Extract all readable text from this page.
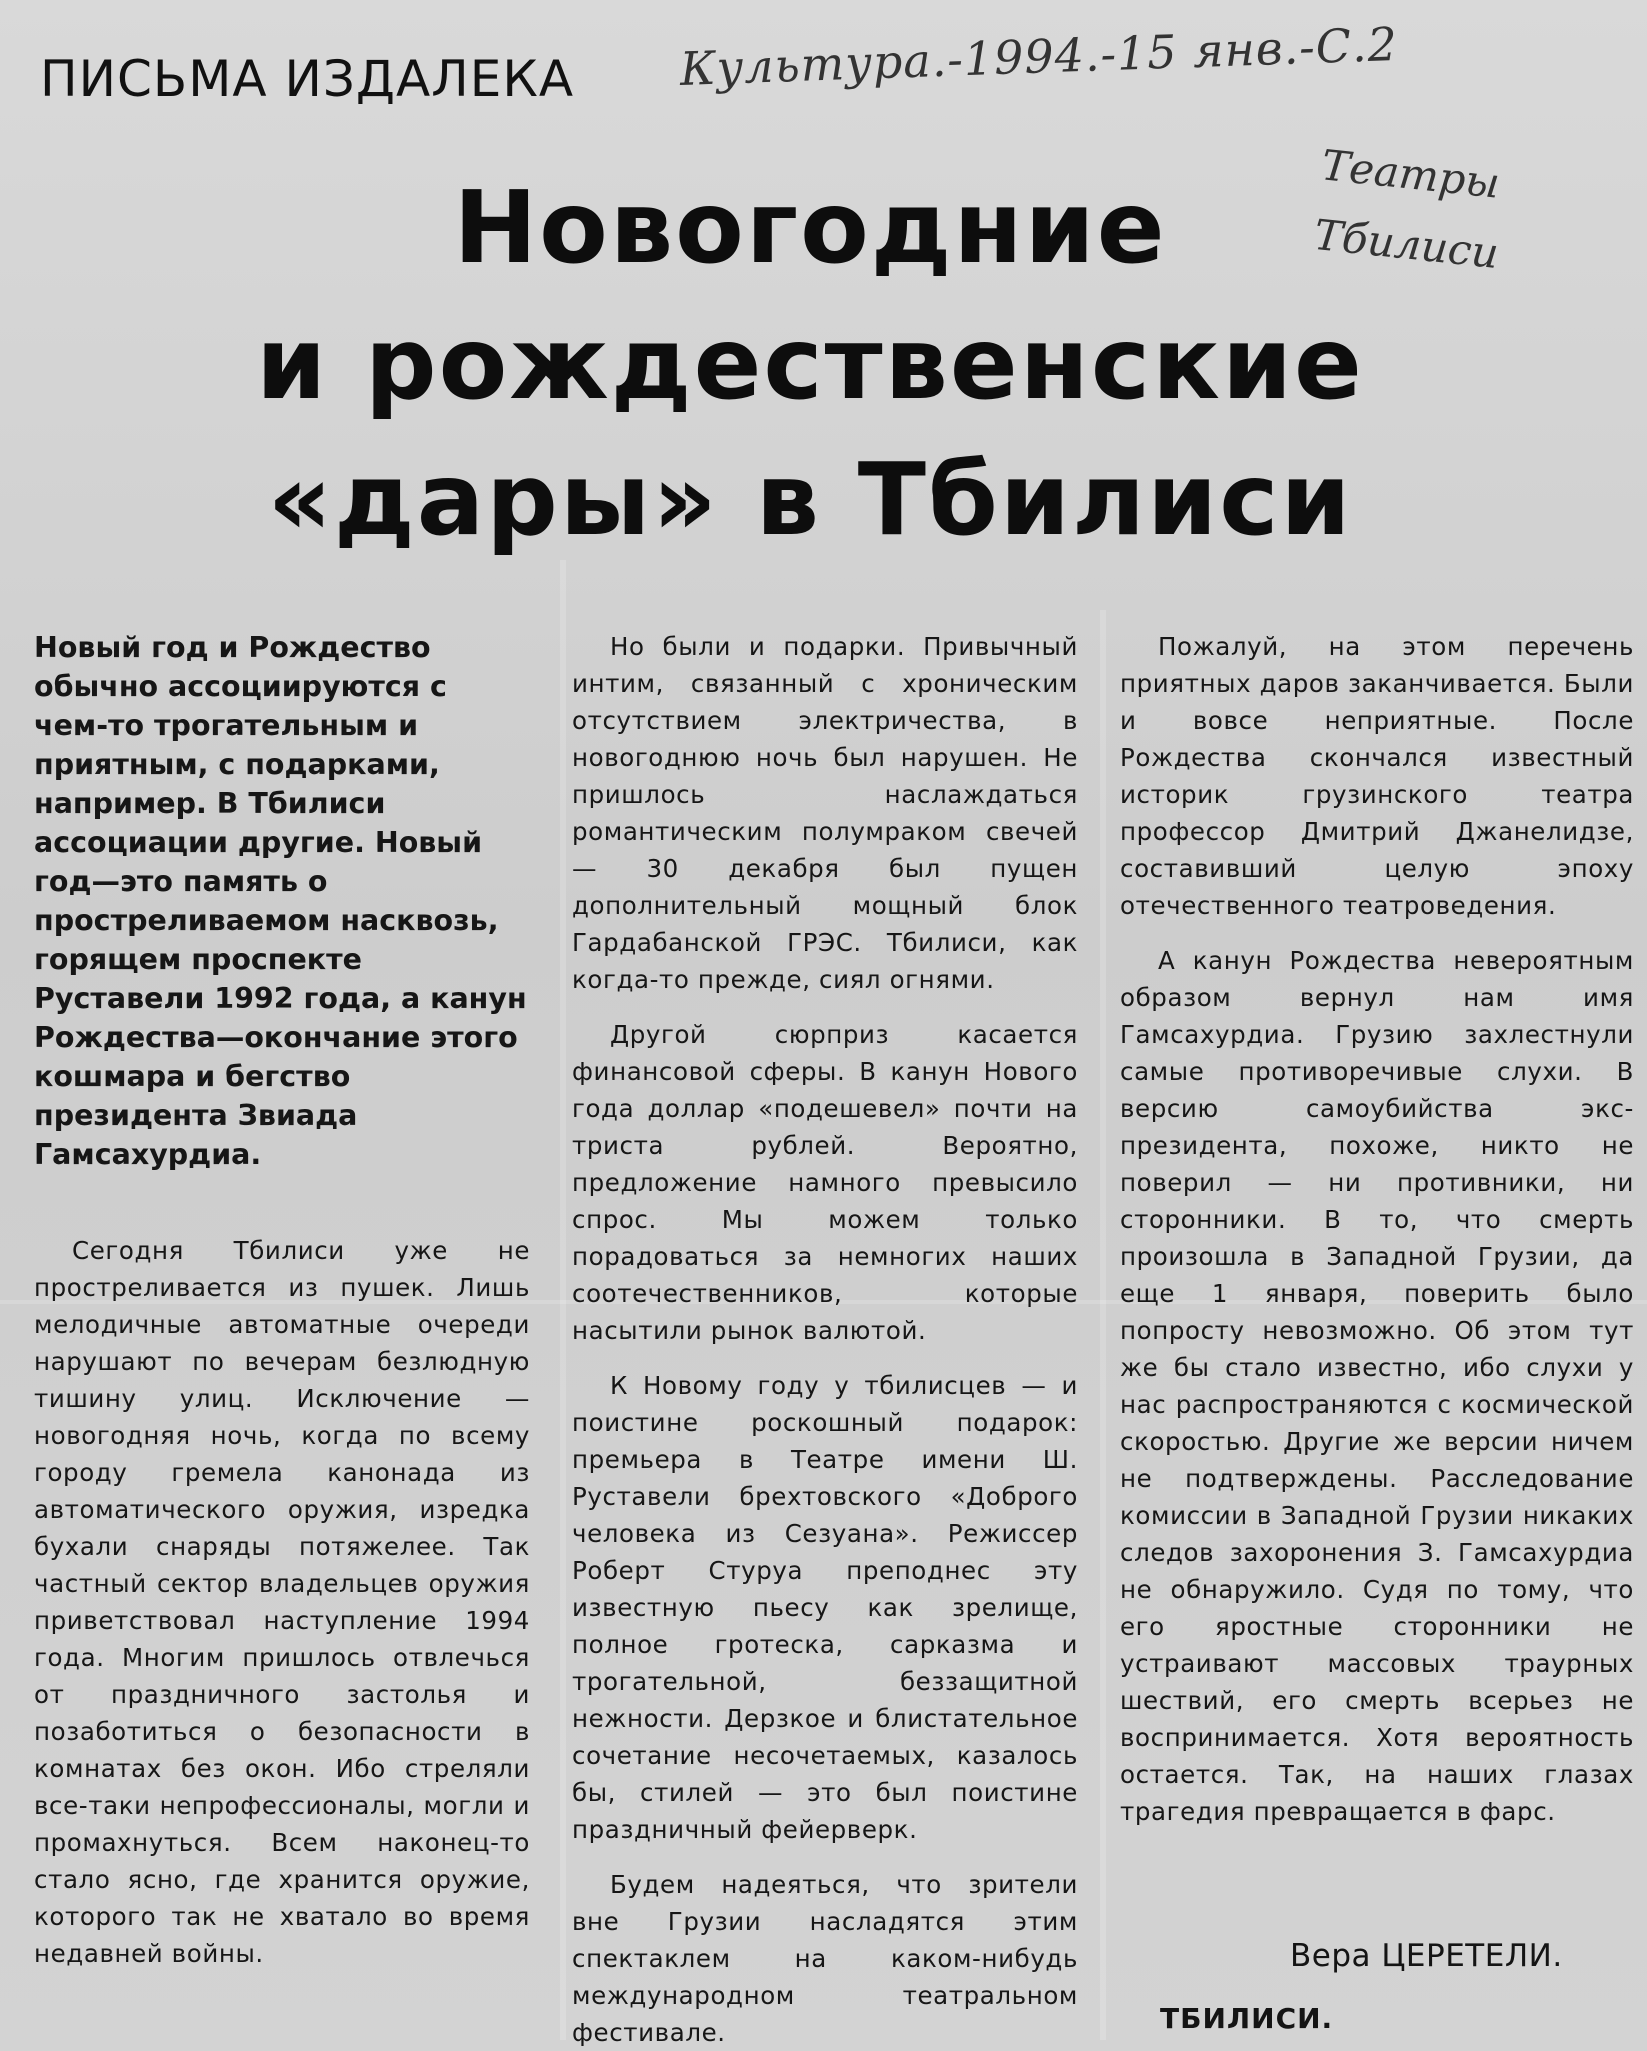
ПИСЬМА ИЗДАЛЕКА Культура.-1994.-15 янв.-С.2
Театры Тбилиси
Новогодние
и рождественские
«дары» в Тбилиси

Новый год и Рождество обычно ассоциируются с чем-то трогательным и приятным, с подарками, например. В Тбилиси ассоциации другие. Новый год—это память о простреливаемом насквозь, горящем проспекте Руставели 1992 года, а канун Рождества—окончание этого кошмара и бегство президента Звиада Гамсахурдиа.

Сегодня Тбилиси уже не простреливается из пушек. Лишь мелодичные автоматные очереди нарушают по вечерам безлюдную тишину улиц. Исключение — новогодняя ночь, когда по всему городу гремела канонада из автоматического оружия, изредка бухали снаряды потяжелее. Так частный сектор владельцев оружия приветствовал наступление 1994 года. Многим пришлось отвлечься от праздничного застолья и позаботиться о безопасности в комнатах без окон. Ибо стреляли все-таки непрофессионалы, могли и промахнуться. Всем наконец-то стало ясно, где хранится оружие, которого так не хватало во время недавней войны.

Но были и подарки. Привычный интим, связанный с хроническим отсутствием электричества, в новогоднюю ночь был нарушен. Не пришлось наслаждаться романтическим полумраком свечей — 30 декабря был пущен дополнительный мощный блок Гардабанской ГРЭС. Тбилиси, как когда-то прежде, сиял огнями.

Другой сюрприз касается финансовой сферы. В канун Нового года доллар «подешевел» почти на триста рублей. Вероятно, предложение намного превысило спрос. Мы можем только порадоваться за немногих наших соотечественников, которые насытили рынок валютой.

К Новому году у тбилисцев — и поистине роскошный подарок: премьера в Театре имени Ш. Руставели брехтовского «Доброго человека из Сезуана». Режиссер Роберт Стуруа преподнес эту известную пьесу как зрелище, полное гротеска, сарказма и трогательной, беззащитной нежности. Дерзкое и блистательное сочетание несочетаемых, казалось бы, стилей — это был поистине праздничный фейерверк.

Будем надеяться, что зрители вне Грузии насладятся этим спектаклем на каком-нибудь международном театральном фестивале.

Пожалуй, на этом перечень приятных даров заканчивается. Были и вовсе неприятные. После Рождества скончался известный историк грузинского театра профессор Дмитрий Джанелидзе, составивший целую эпоху отечественного театроведения.

А канун Рождества невероятным образом вернул нам имя Гамсахурдиа. Грузию захлестнули самые противоречивые слухи. В версию самоубийства экс-президента, похоже, никто не поверил — ни противники, ни сторонники. В то, что смерть произошла в Западной Грузии, да еще 1 января, поверить было попросту невозможно. Об этом тут же бы стало известно, ибо слухи у нас распространяются с космической скоростью. Другие же версии ничем не подтверждены. Расследование комиссии в Западной Грузии никаких следов захоронения З. Гамсахурдиа не обнаружило. Судя по тому, что его яростные сторонники не устраивают массовых траурных шествий, его смерть всерьез не воспринимается. Хотя вероятность остается. Так, на наших глазах трагедия превращается в фарс.

Вера ЦЕРЕТЕЛИ.
ТБИЛИСИ.
